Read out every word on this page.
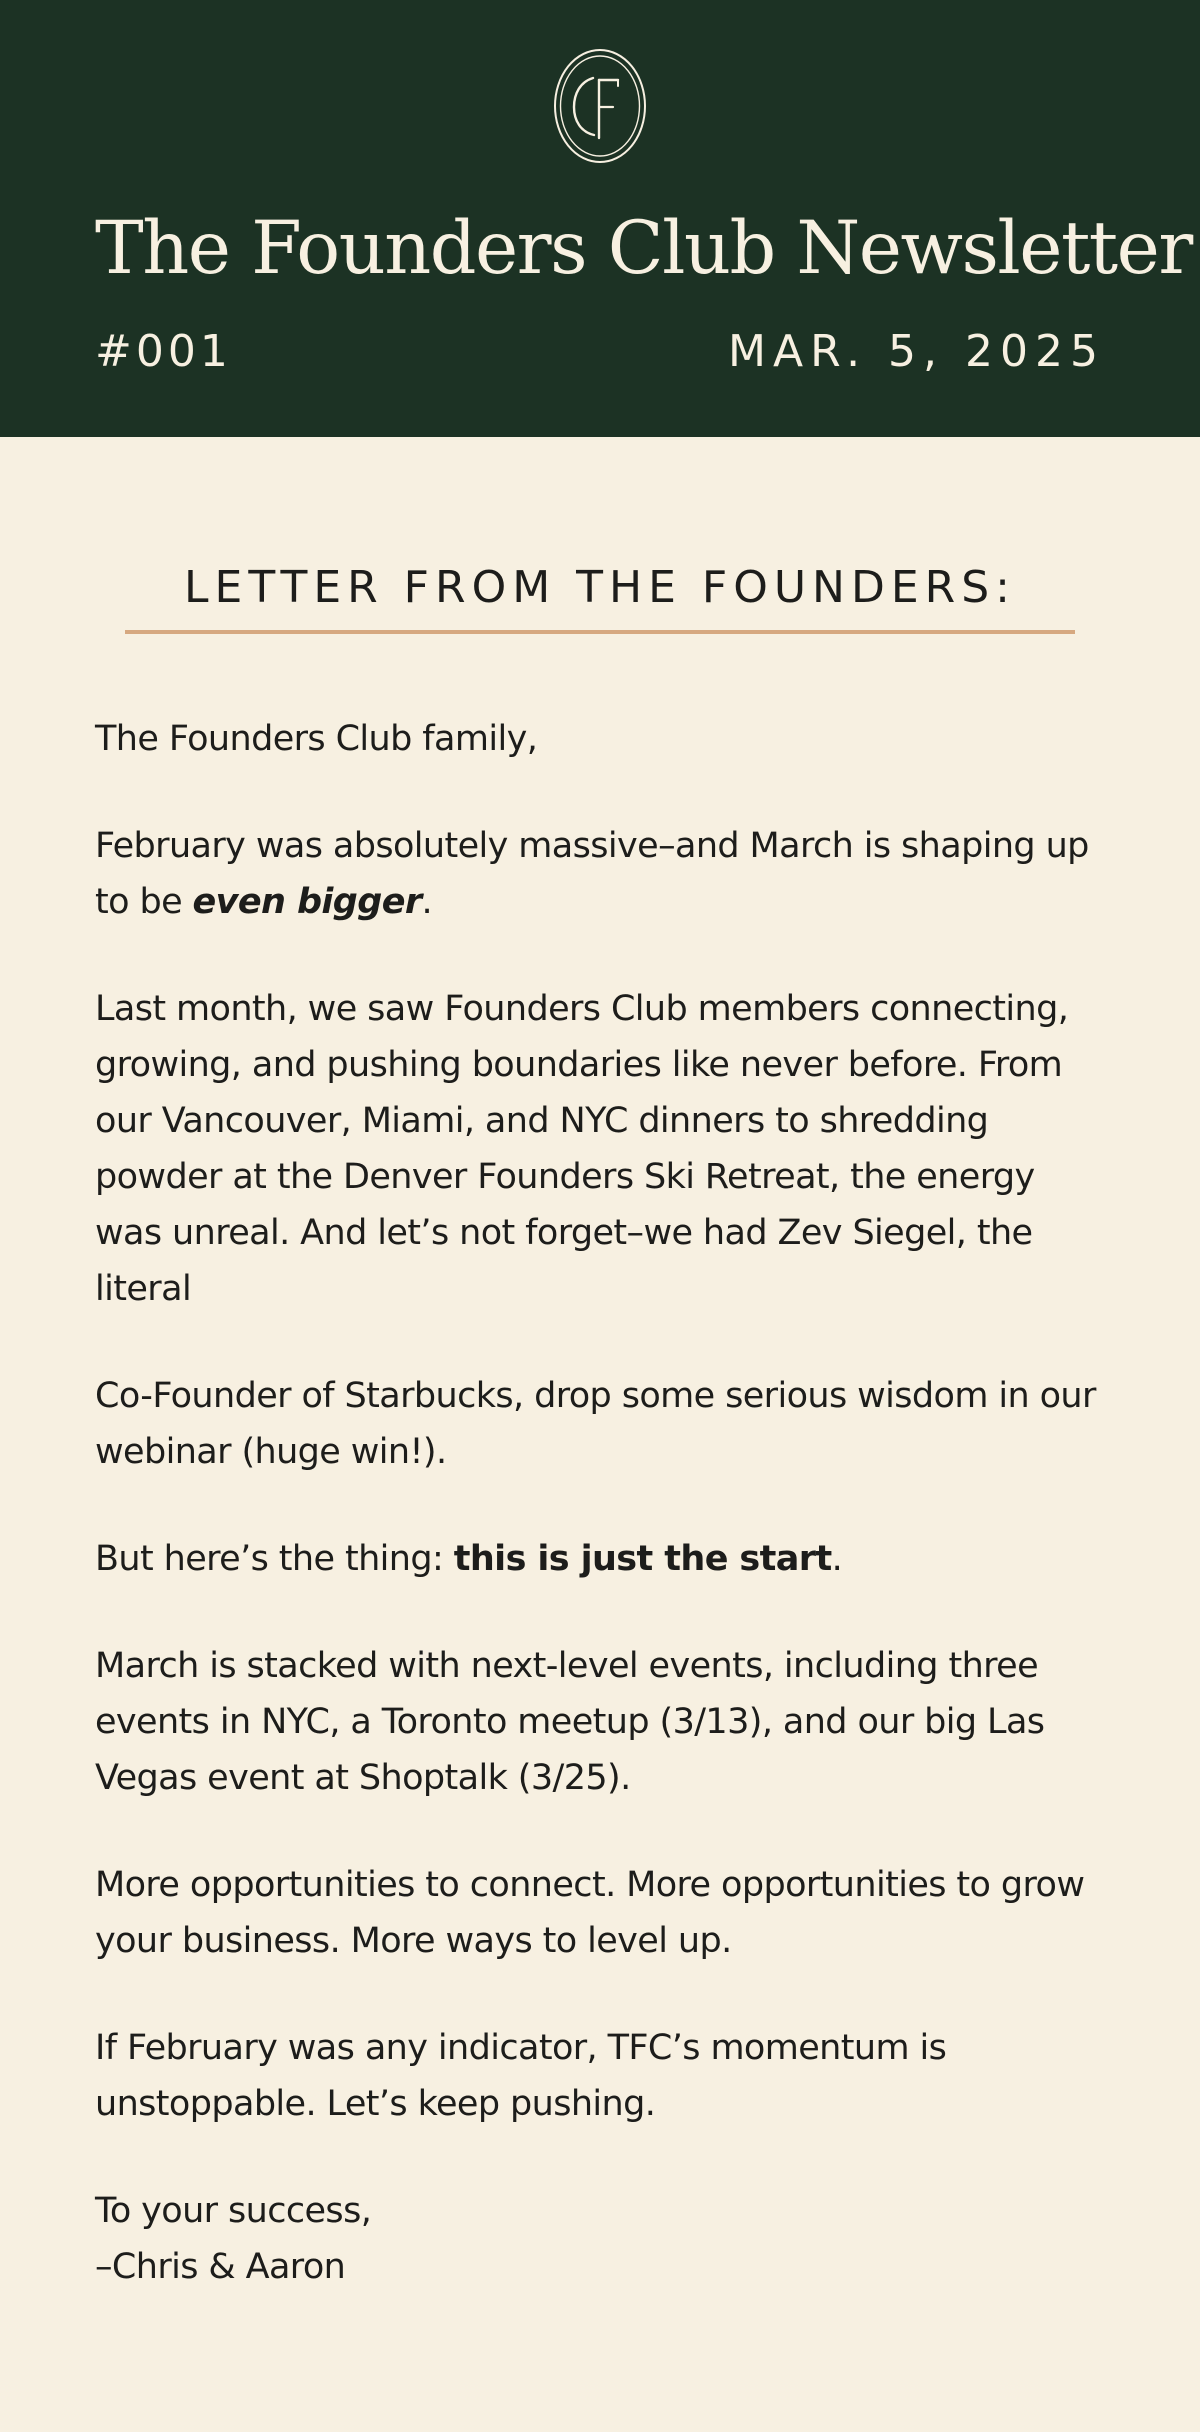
The Founders Club Newsletter
#001	MAR. 5, 2025
LETTER FROM THE FOUNDERS:

The Founders Club family,

February was absolutely massive–and March is shaping up to be even bigger.

Last month, we saw Founders Club members connecting, growing, and pushing boundaries like never before. From our Vancouver, Miami, and NYC dinners to shredding powder at the Denver Founders Ski Retreat, the energy was unreal. And let’s not forget–we had Zev Siegel, the literal

Co-Founder of Starbucks, drop some serious wisdom in our webinar (huge win!).

But here’s the thing: this is just the start.

March is stacked with next-level events, including three events in NYC, a Toronto meetup (3/13), and our big Las Vegas event at Shoptalk (3/25).

More opportunities to connect. More opportunities to grow your business. More ways to level up.

If February was any indicator, TFC’s momentum is unstoppable. Let’s keep pushing.

To your success,
–Chris & Aaron
